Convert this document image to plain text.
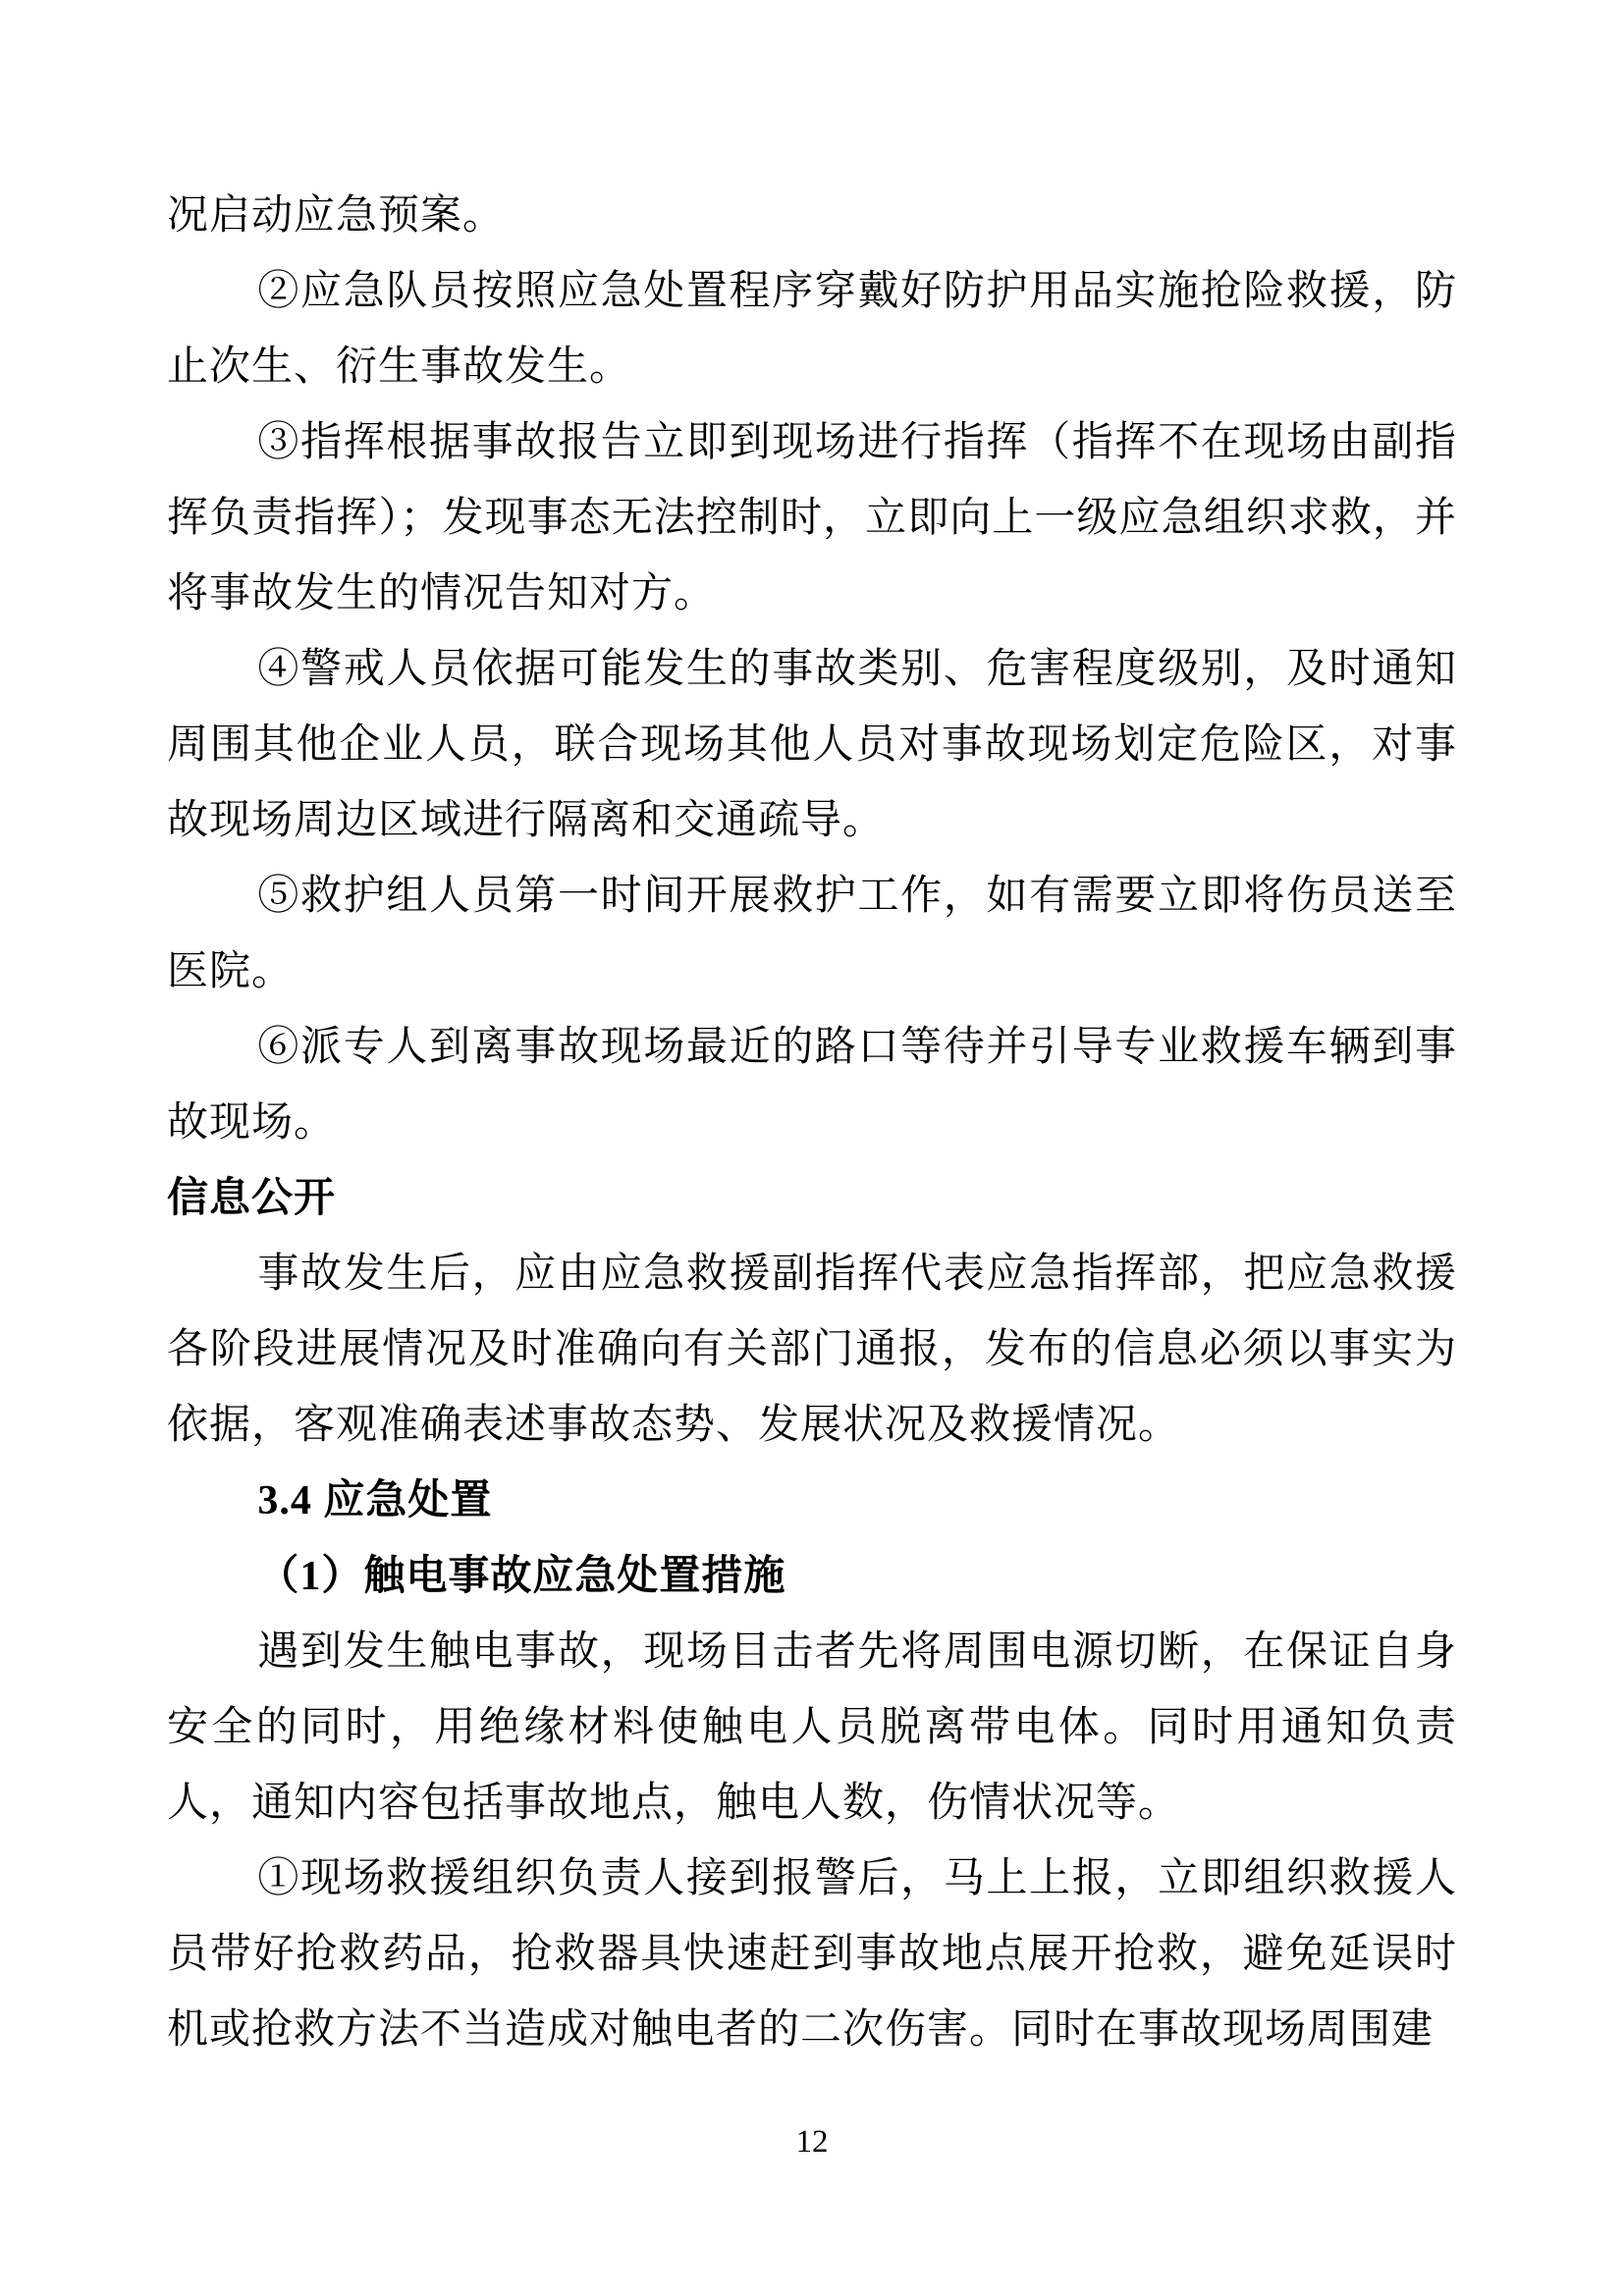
况启动应急预案。
②应急队员按照应急处置程序穿戴好防护用品实施抢险救援，防止次生、衍生事故发生。
③指挥根据事故报告立即到现场进行指挥（指挥不在现场由副指挥负责指挥）；发现事态无法控制时，立即向上一级应急组织求救，并将事故发生的情况告知对方。
④警戒人员依据可能发生的事故类别、危害程度级别，及时通知周围其他企业人员，联合现场其他人员对事故现场划定危险区，对事故现场周边区域进行隔离和交通疏导。
⑤救护组人员第一时间开展救护工作，如有需要立即将伤员送至医院。
⑥派专人到离事故现场最近的路口等待并引导专业救援车辆到事故现场。
信息公开
事故发生后，应由应急救援副指挥代表应急指挥部，把应急救援各阶段进展情况及时准确向有关部门通报，发布的信息必须以事实为依据，客观准确表述事故态势、发展状况及救援情况。
3.4 应急处置
（1）触电事故应急处置措施
遇到发生触电事故，现场目击者先将周围电源切断，在保证自身安全的同时，用绝缘材料使触电人员脱离带电体。同时用通知负责人，通知内容包括事故地点，触电人数，伤情状况等。
①现场救援组织负责人接到报警后，马上上报，立即组织救援人员带好抢救药品，抢救器具快速赶到事故地点展开抢救，避免延误时机或抢救方法不当造成对触电者的二次伤害。同时在事故现场周围建
12
